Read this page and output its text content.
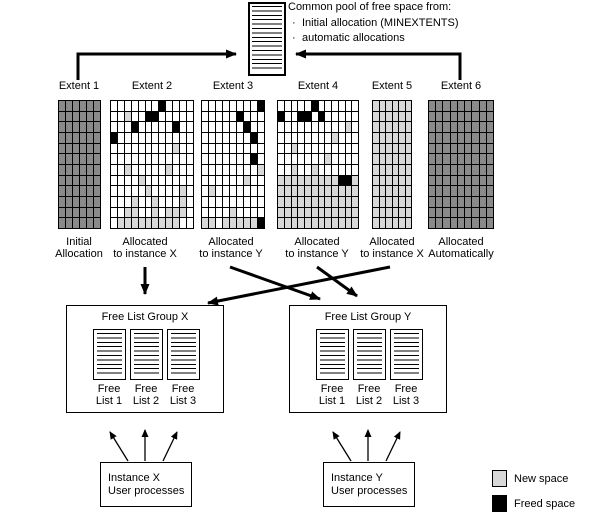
Common pool of free space from:
· Initial allocation (MINEXTENTS)
· automatic allocations
Extent 1	Extent 2	Extent 3	Extent 4	Extent 5	Extent 6
Initial
Allocation
Allocated
to instance X
Allocated
to instance Y
Allocated
to instance Y
Allocated
to instance X
Allocated
Automatically
Free List Group X
Free
List 1
Free
List 2
Free
List 3
Free List Group Y
Free
List 1
Free
List 2
Free
List 3
Instance X
User processes
Instance Y
User processes
New space
Freed space
